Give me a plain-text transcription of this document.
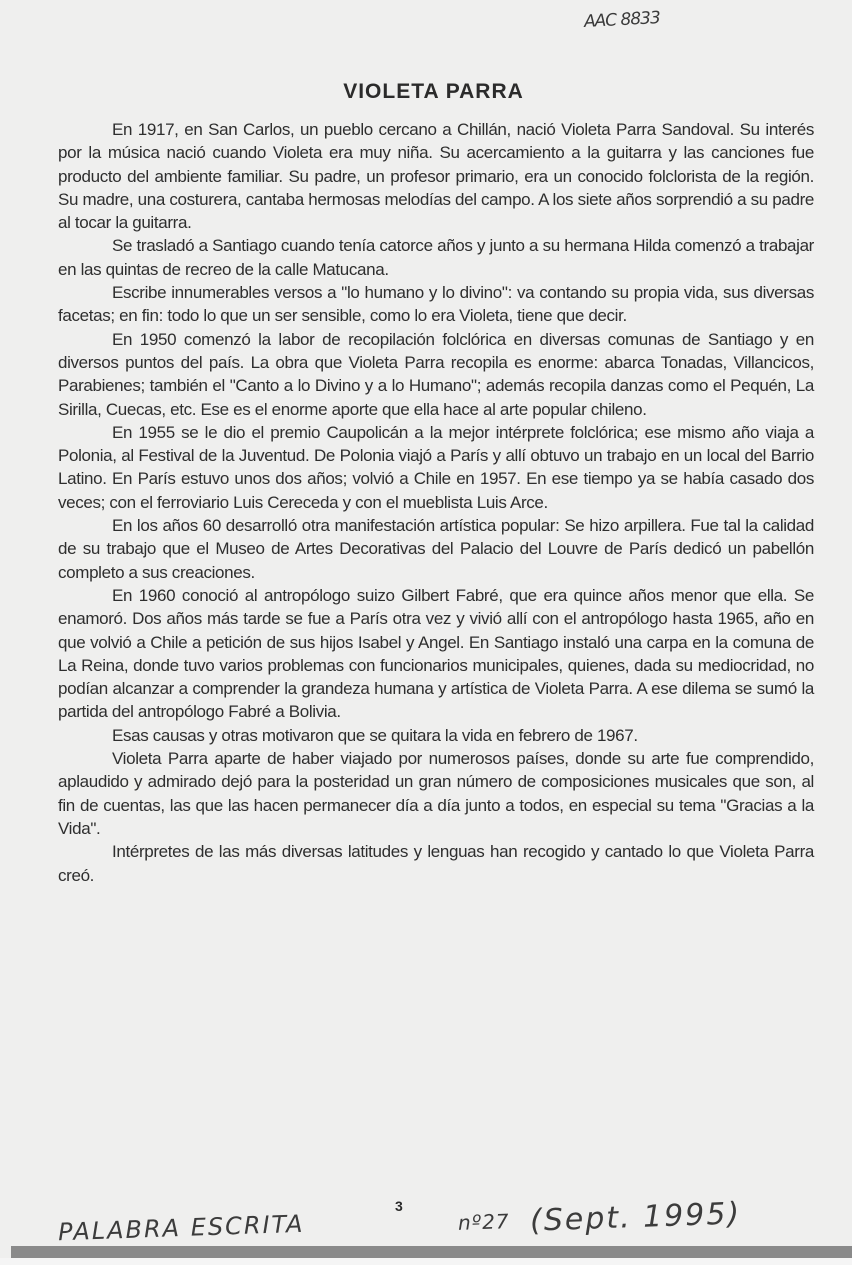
AAC 8833
VIOLETA PARRA

En 1917, en San Carlos, un pueblo cercano a Chillán, nació Violeta Parra Sandoval. Su interés por la música nació cuando Violeta era muy niña. Su acercamiento a la guitarra y las canciones fue producto del ambiente familiar. Su padre, un profesor primario, era un conocido folclorista de la región. Su madre, una costurera, cantaba hermosas melodías del campo. A los siete años sorprendió a su padre al tocar la guitarra.

Se trasladó a Santiago cuando tenía catorce años y junto a su hermana Hilda comenzó a trabajar en las quintas de recreo de la calle Matucana.

Escribe innumerables versos a "lo humano y lo divino": va contando su propia vida, sus diversas facetas; en fin: todo lo que un ser sensible, como lo era Violeta, tiene que decir.

En 1950 comenzó la labor de recopilación folclórica en diversas comunas de Santiago y en diversos puntos del país. La obra que Violeta Parra recopila es enorme: abarca Tonadas, Villancicos, Parabienes; también el "Canto a lo Divino y a lo Humano"; además recopila danzas como el Pequén, La Sirilla, Cuecas, etc. Ese es el enorme aporte que ella hace al arte popular chileno.

En 1955 se le dio el premio Caupolicán a la mejor intérprete folclórica; ese mismo año viaja a Polonia, al Festival de la Juventud. De Polonia viajó a París y allí obtuvo un trabajo en un local del Barrio Latino. En París estuvo unos dos años; volvió a Chile en 1957. En ese tiempo ya se había casado dos veces; con el ferroviario Luis Cereceda y con el mueblista Luis Arce.

En los años 60 desarrolló otra manifestación artística popular: Se hizo arpillera. Fue tal la calidad de su trabajo que el Museo de Artes Decorativas del Palacio del Louvre de París dedicó un pabellón completo a sus creaciones.

En 1960 conoció al antropólogo suizo Gilbert Fabré, que era quince años menor que ella. Se enamoró. Dos años más tarde se fue a París otra vez y vivió allí con el antropólogo hasta 1965, año en que volvió a Chile a petición de sus hijos Isabel y Angel. En Santiago instaló una carpa en la comuna de La Reina, donde tuvo varios problemas con funcionarios municipales, quienes, dada su mediocridad, no podían alcanzar a comprender la grandeza humana y artística de Violeta Parra. A ese dilema se sumó la partida del antropólogo Fabré a Bolivia.

Esas causas y otras motivaron que se quitara la vida en febrero de 1967.

Violeta Parra aparte de haber viajado por numerosos países, donde su arte fue comprendido, aplaudido y admirado dejó para la posteridad un gran número de composiciones musicales que son, al fin de cuentas, las que las hacen permanecer día a día junto a todos, en especial su tema "Gracias a la Vida".

Intérpretes de las más diversas latitudes y lenguas han recogido y cantado lo que Violeta Parra creó.

3
PALABRA ESCRITA	nº27 (Sept. 1995)
